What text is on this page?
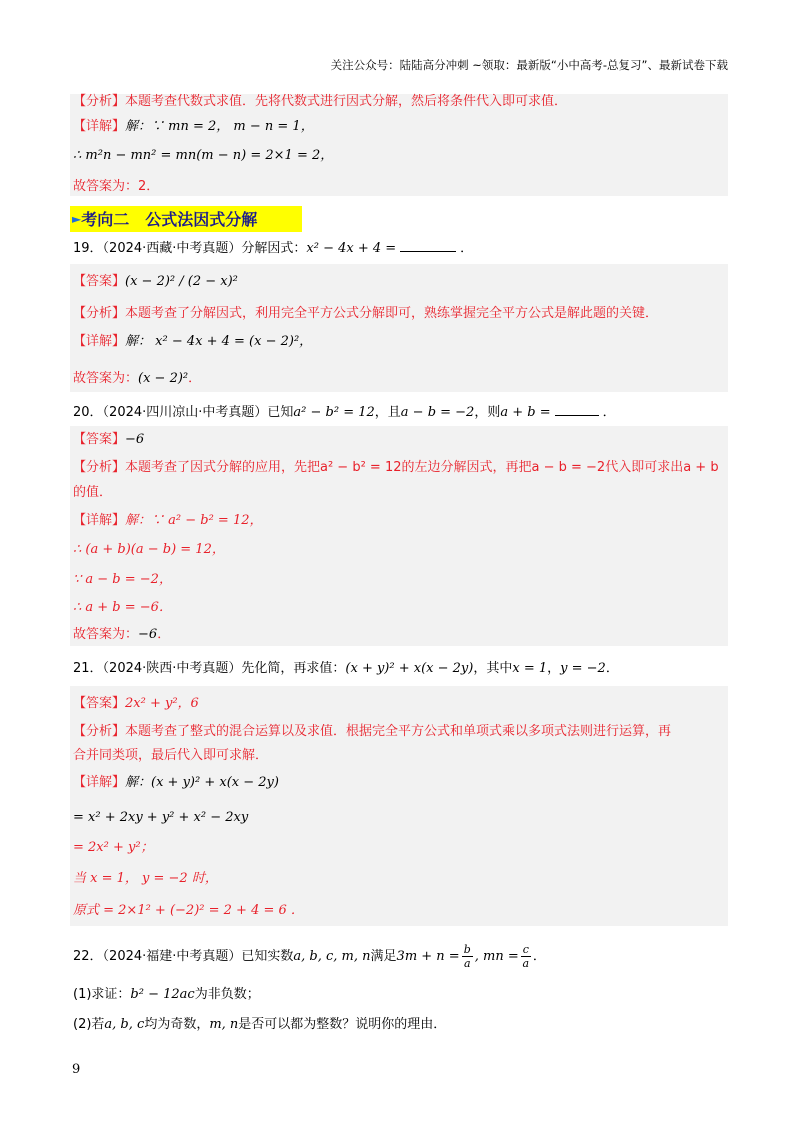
关注公众号：陆陆高分冲刺 ~领取：最新版“小中高考-总复习”、最新试卷下载
【分析】本题考查代数式求值．先将代数式进行因式分解，然后将条件代入即可求值．
【详解】解：∵ mn = 2， m − n = 1，
∴ m²n − mn² = mn(m − n) = 2×1 = 2，
故答案为：2．
►考向二　公式法因式分解
19．（2024·西藏·中考真题）分解因式：x² − 4x + 4 =	．
【答案】(x − 2)² / (2 − x)²
【分析】本题考查了分解因式，利用完全平方公式分解即可，熟练掌握完全平方公式是解此题的关键．
【详解】解： x² − 4x + 4 = (x − 2)²，
故答案为：(x − 2)²．
20．（2024·四川凉山·中考真题）已知a² − b² = 12，且a − b = −2，则a + b =	．
【答案】−6
【分析】本题考查了因式分解的应用，先把a² − b² = 12的左边分解因式，再把a − b = −2代入即可求出a + b
的值．
【详解】解：∵ a² − b² = 12，
∴ (a + b)(a − b) = 12，
∵ a − b = −2，
∴ a + b = −6．
故答案为：−6．
21．（2024·陕西·中考真题）先化简，再求值：(x + y)² + x(x − 2y)，其中x = 1，y = −2．
【答案】2x² + y²，6
【分析】本题考查了整式的混合运算以及求值．根据完全平方公式和单项式乘以多项式法则进行运算，再
合并同类项，最后代入即可求解．
【详解】解：(x + y)² + x(x − 2y)
= x² + 2xy + y² + x² − 2xy
= 2x² + y²；
当 x = 1， y = −2 时，
原式 = 2×1² + (−2)² = 2 + 4 = 6 ．
22．（2024·福建·中考真题）已知实数a, b, c, m, n满足$3m + n = \frac{b}{a}$ , mn = $\frac{c}{a}$ ．
(1)求证：b² − 12ac为非负数；
(2)若a, b, c均为奇数，m, n是否可以都为整数？说明你的理由．
9
